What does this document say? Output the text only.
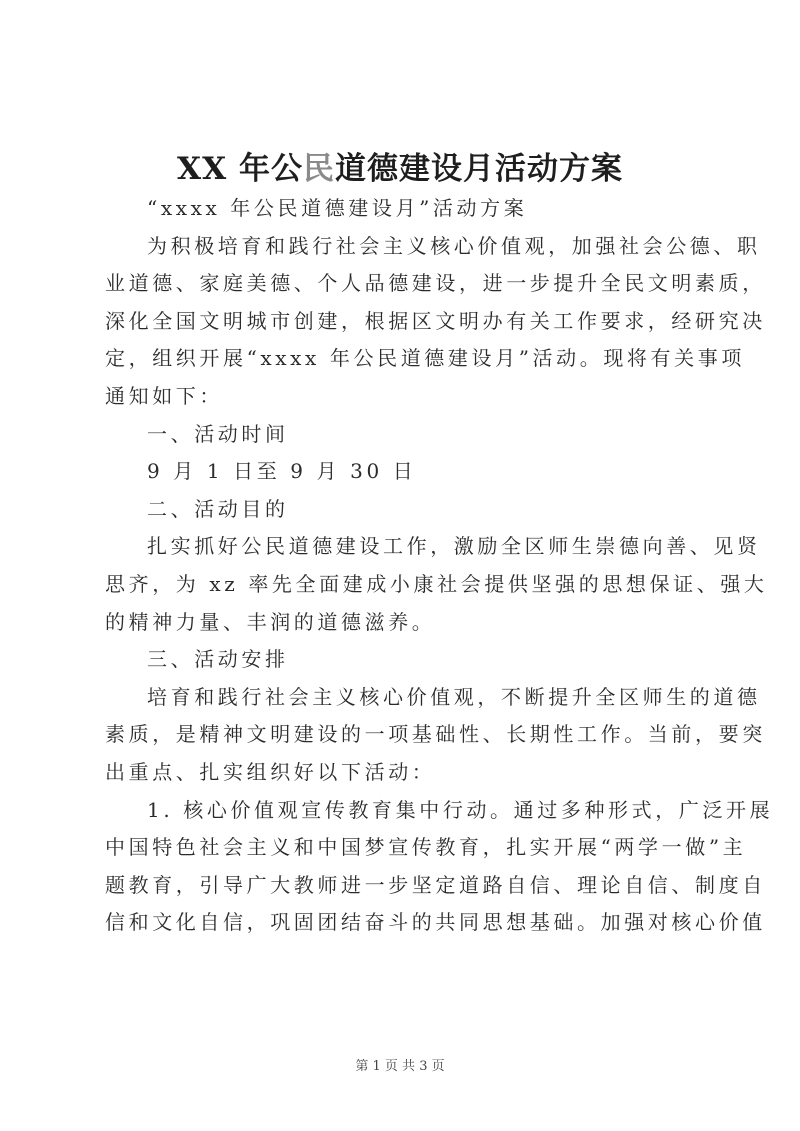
XX 年公民道德建设月活动方案
“xxxx 年公民道德建设月”活动方案
为积极培育和践行社会主义核心价值观，加强社会公德、职
业道德、家庭美德、个人品德建设，进一步提升全民文明素质，
深化全国文明城市创建，根据区文明办有关工作要求，经研究决
定，组织开展“xxxx 年公民道德建设月”活动。现将有关事项
通知如下：
一、活动时间
9 月 1 日至 9 月 30 日
二、活动目的
扎实抓好公民道德建设工作，激励全区师生崇德向善、见贤
思齐，为 xz 率先全面建成小康社会提供坚强的思想保证、强大
的精神力量、丰润的道德滋养。
三、活动安排
培育和践行社会主义核心价值观，不断提升全区师生的道德
素质，是精神文明建设的一项基础性、长期性工作。当前，要突
出重点、扎实组织好以下活动：
1. 核心价值观宣传教育集中行动。通过多种形式，广泛开展
中国特色社会主义和中国梦宣传教育，扎实开展“两学一做”主
题教育，引导广大教师进一步坚定道路自信、理论自信、制度自
信和文化自信，巩固团结奋斗的共同思想基础。加强对核心价值
第 1 页 共 3 页
